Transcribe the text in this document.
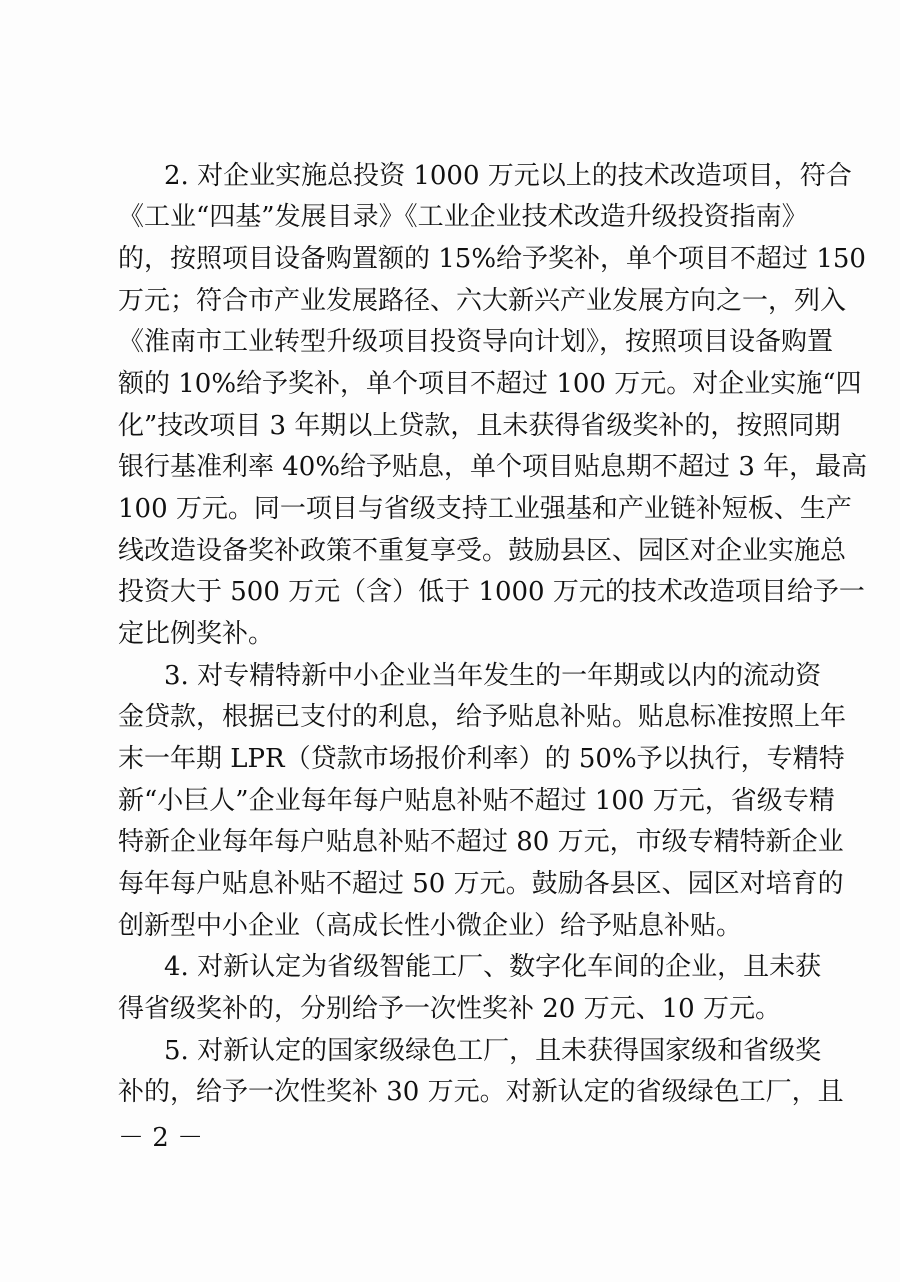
2. 对企业实施总投资 1000 万元以上的技术改造项目，符合
《工业“四基”发展目录》《工业企业技术改造升级投资指南》
的，按照项目设备购置额的 15%给予奖补，单个项目不超过 150
万元；符合市产业发展路径、六大新兴产业发展方向之一，列入
《淮南市工业转型升级项目投资导向计划》，按照项目设备购置
额的 10%给予奖补，单个项目不超过 100 万元。对企业实施“四
化”技改项目 3 年期以上贷款，且未获得省级奖补的，按照同期
银行基准利率 40%给予贴息，单个项目贴息期不超过 3 年，最高
100 万元。同一项目与省级支持工业强基和产业链补短板、生产
线改造设备奖补政策不重复享受。鼓励县区、园区对企业实施总
投资大于 500 万元（含）低于 1000 万元的技术改造项目给予一
定比例奖补。
3. 对专精特新中小企业当年发生的一年期或以内的流动资
金贷款，根据已支付的利息，给予贴息补贴。贴息标准按照上年
末一年期 LPR（贷款市场报价利率）的 50%予以执行，专精特
新“小巨人”企业每年每户贴息补贴不超过 100 万元，省级专精
特新企业每年每户贴息补贴不超过 80 万元，市级专精特新企业
每年每户贴息补贴不超过 50 万元。鼓励各县区、园区对培育的
创新型中小企业（高成长性小微企业）给予贴息补贴。
4. 对新认定为省级智能工厂、数字化车间的企业，且未获
得省级奖补的，分别给予一次性奖补 20 万元、10 万元。
5. 对新认定的国家级绿色工厂，且未获得国家级和省级奖
补的，给予一次性奖补 30 万元。对新认定的省级绿色工厂，且
－ 2 －
